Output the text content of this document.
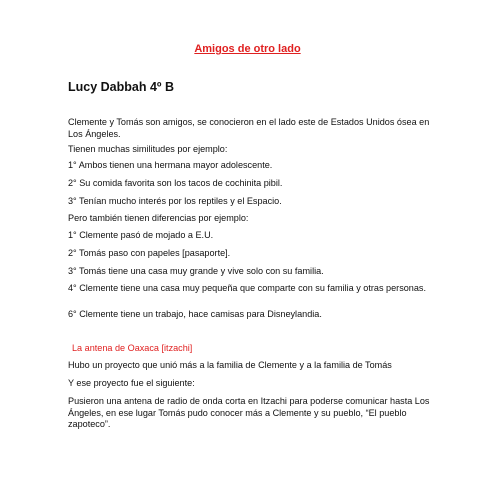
Amigos de otro lado
Lucy Dabbah 4º B
Clemente y Tomás son amigos, se conocieron en el lado este de Estados Unidos ósea en Los Ángeles.
Tienen muchas similitudes por ejemplo:
1° Ambos tienen una hermana mayor adolescente.
2° Su comida favorita son los tacos de cochinita pibil.
3° Tenían mucho interés por los reptiles y el Espacio.
Pero también tienen diferencias por ejemplo:
1° Clemente pasó de mojado a E.U.
2° Tomás paso con papeles [pasaporte].
3° Tomás tiene una casa muy grande y vive solo con su familia.
4° Clemente tiene una casa muy pequeña que comparte con su familia y otras personas.
6° Clemente tiene un trabajo, hace camisas para Disneylandia.
La antena de Oaxaca [itzachi]
Hubo un proyecto que unió más a la familia de Clemente y a la familia de Tomás
Y ese proyecto fue el siguiente:
Pusieron una antena de radio de onda corta en Itzachi para poderse comunicar hasta Los Ángeles, en ese lugar Tomás pudo conocer más a Clemente y su pueblo, “El pueblo zapoteco”.
